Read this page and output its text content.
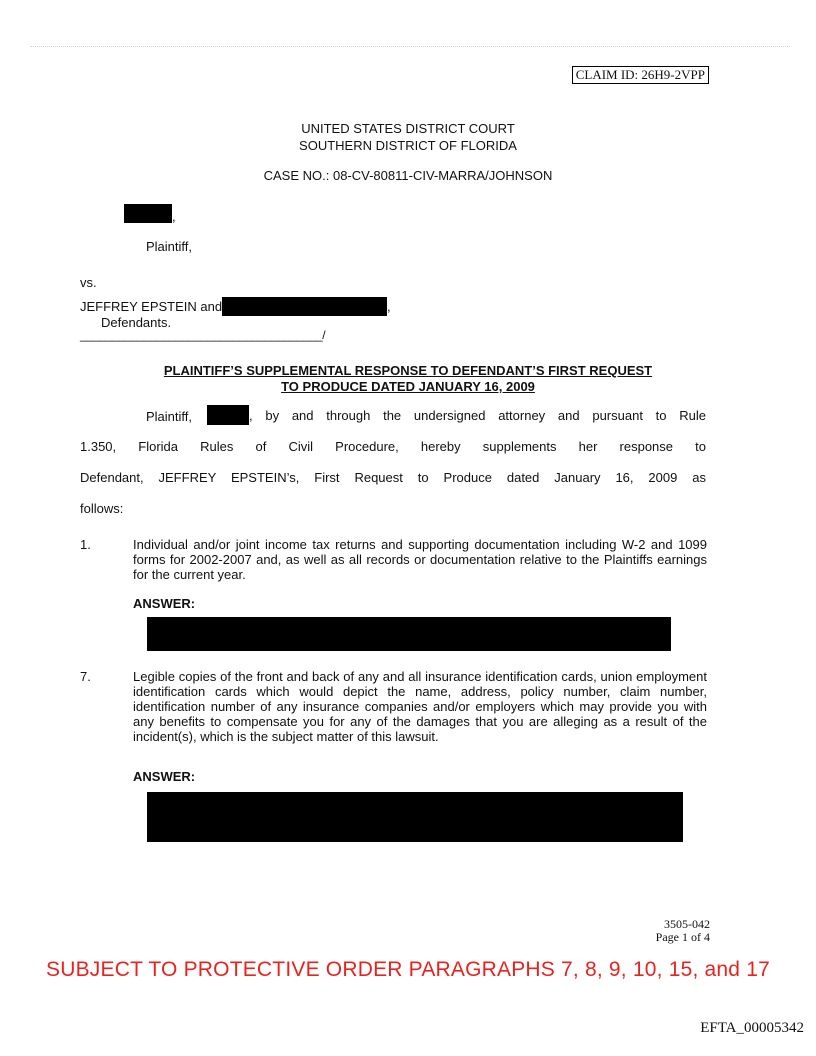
CLAIM ID: 26H9-2VPP
UNITED STATES DISTRICT COURT
SOUTHERN DISTRICT OF FLORIDA
CASE NO.: 08-CV-80811-CIV-MARRA/JOHNSON
,
Plaintiff,
vs.
JEFFREY EPSTEIN and	,
Defendants.
______________________________________/
PLAINTIFF’S SUPPLEMENTAL RESPONSE TO DEFENDANT’S FIRST REQUEST
TO PRODUCE DATED JANUARY 16, 2009
Plaintiff,	, by and through the undersigned attorney and pursuant to Rule
1.350, Florida Rules of Civil Procedure, hereby supplements her response to
Defendant, JEFFREY EPSTEIN’s, First Request to Produce dated January 16, 2009 as
follows:
1.	Individual and/or joint income tax returns and supporting documentation including W-2 and 1099 forms for 2002-2007 and, as well as all records or documentation relative to the Plaintiffs earnings for the current year.
ANSWER:
7.	Legible copies of the front and back of any and all insurance identification cards, union employment identification cards which would depict the name, address, policy number, claim number, identification number of any insurance companies and/or employers which may provide you with any benefits to compensate you for any of the damages that you are alleging as a result of the incident(s), which is the subject matter of this lawsuit.
ANSWER:
3505-042
Page 1 of 4
SUBJECT TO PROTECTIVE ORDER PARAGRAPHS 7, 8, 9, 10, 15, and 17
EFTA_00005342
